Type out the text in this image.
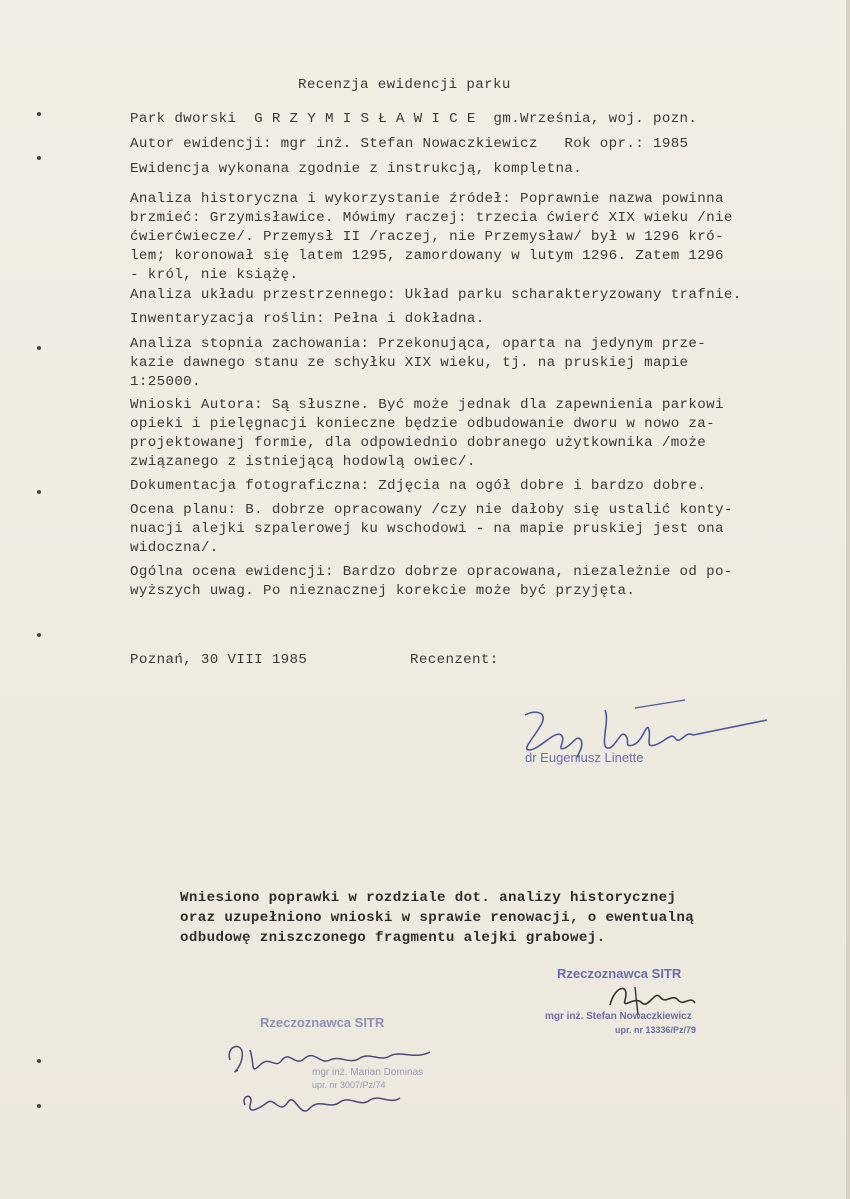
Recenzja ewidencji parku
Park dworski  G R Z Y M I S Ł A W I C E  gm.Września, woj. pozn.
Autor ewidencji: mgr inż. Stefan Nowaczkiewicz   Rok opr.: 1985
Ewidencja wykonana zgodnie z instrukcją, kompletna.
Analiza historyczna i wykorzystanie źródeł: Poprawnie nazwa powinna
brzmieć: Grzymisławice. Mówimy raczej: trzecia ćwierć XIX wieku /nie
ćwierćwiecze/. Przemysł II /raczej, nie Przemysław/ był w 1296 kró-
lem; koronował się latem 1295, zamordowany w lutym 1296. Zatem 1296
- król, nie książę.
Analiza układu przestrzennego: Układ parku scharakteryzowany trafnie.
Inwentaryzacja roślin: Pełna i dokładna.
Analiza stopnia zachowania: Przekonująca, oparta na jedynym prze-
kazie dawnego stanu ze schyłku XIX wieku, tj. na pruskiej mapie
1:25000.
Wnioski Autora: Są słuszne. Być może jednak dla zapewnienia parkowi
opieki i pielęgnacji konieczne będzie odbudowanie dworu w nowo za-
projektowanej formie, dla odpowiednio dobranego użytkownika /może
związanego z istniejącą hodowlą owiec/.
Dokumentacja fotograficzna: Zdjęcia na ogół dobre i bardzo dobre.
Ocena planu: B. dobrze opracowany /czy nie dałoby się ustalić konty-
nuacji alejki szpalerowej ku wschodowi - na mapie pruskiej jest ona
widoczna/.
Ogólna ocena ewidencji: Bardzo dobrze opracowana, niezależnie od po-
wyższych uwag. Po nieznacznej korekcie może być przyjęta.
Poznań, 30 VIII 1985	Recenzent:
dr Eugeniusz Linette
Wniesiono poprawki w rozdziale dot. analizy historycznej
oraz uzupełniono wnioski w sprawie renowacji, o ewentualną
odbudowę zniszczonego fragmentu alejki grabowej.
Rzeczoznawca SITR
mgr inż. Stefan Nowaczkiewicz
upr. nr 13336/Pz/79
Rzeczoznawca SITR
mgr inż. Marian Dominas
upr. nr 3007/Pz/74
